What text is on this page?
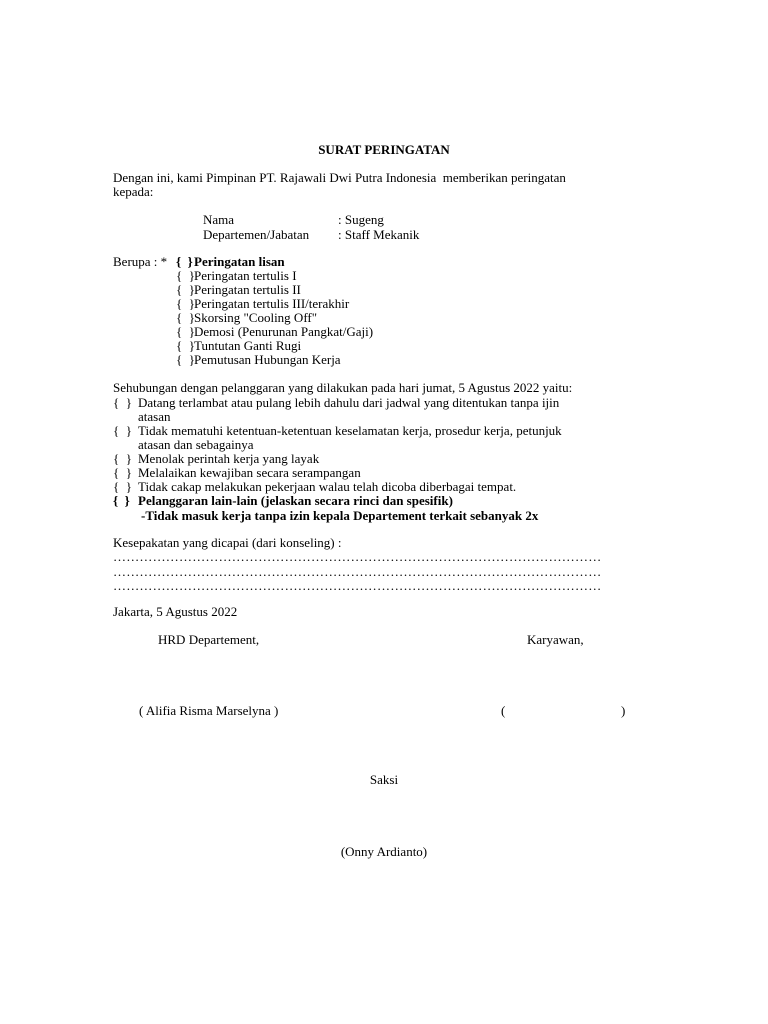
SURAT PERINGATAN
Dengan ini, kami Pimpinan PT. Rajawali Dwi Putra Indonesia  memberikan peringatan
kepada:
Nama	: Sugeng
Departemen/Jabatan : Staff Mekanik
Berupa : * {  } Peringatan lisan
{  } Peringatan tertulis I
{  } Peringatan tertulis II
{  } Peringatan tertulis III/terakhir
{  } Skorsing "Cooling Off"
{  } Demosi (Penurunan Pangkat/Gaji)
{  } Tuntutan Ganti Rugi
{  } Pemutusan Hubungan Kerja
Sehubungan dengan pelanggaran yang dilakukan pada hari jumat, 5 Agustus 2022 yaitu:
{  } Datang terlambat atau pulang lebih dahulu dari jadwal yang ditentukan tanpa ijin
atasan
{  } Tidak mematuhi ketentuan-ketentuan keselamatan kerja, prosedur kerja, petunjuk
atasan dan sebagainya
{  } Menolak perintah kerja yang layak
{  } Melalaikan kewajiban secara serampangan
{  } Tidak cakap melakukan pekerjaan walau telah dicoba diberbagai tempat.
{  } Pelanggaran lain-lain (jelaskan secara rinci dan spesifik)
-Tidak masuk kerja tanpa izin kepala Departement terkait sebanyak 2x
Kesepakatan yang dicapai (dari konseling) :
…………………………………………………………………………………………………
…………………………………………………………………………………………………
…………………………………………………………………………………………………
Jakarta, 5 Agustus 2022
HRD Departement,	Karyawan,
( Alifia Risma Marselyna )	(	)
Saksi
(Onny Ardianto)
